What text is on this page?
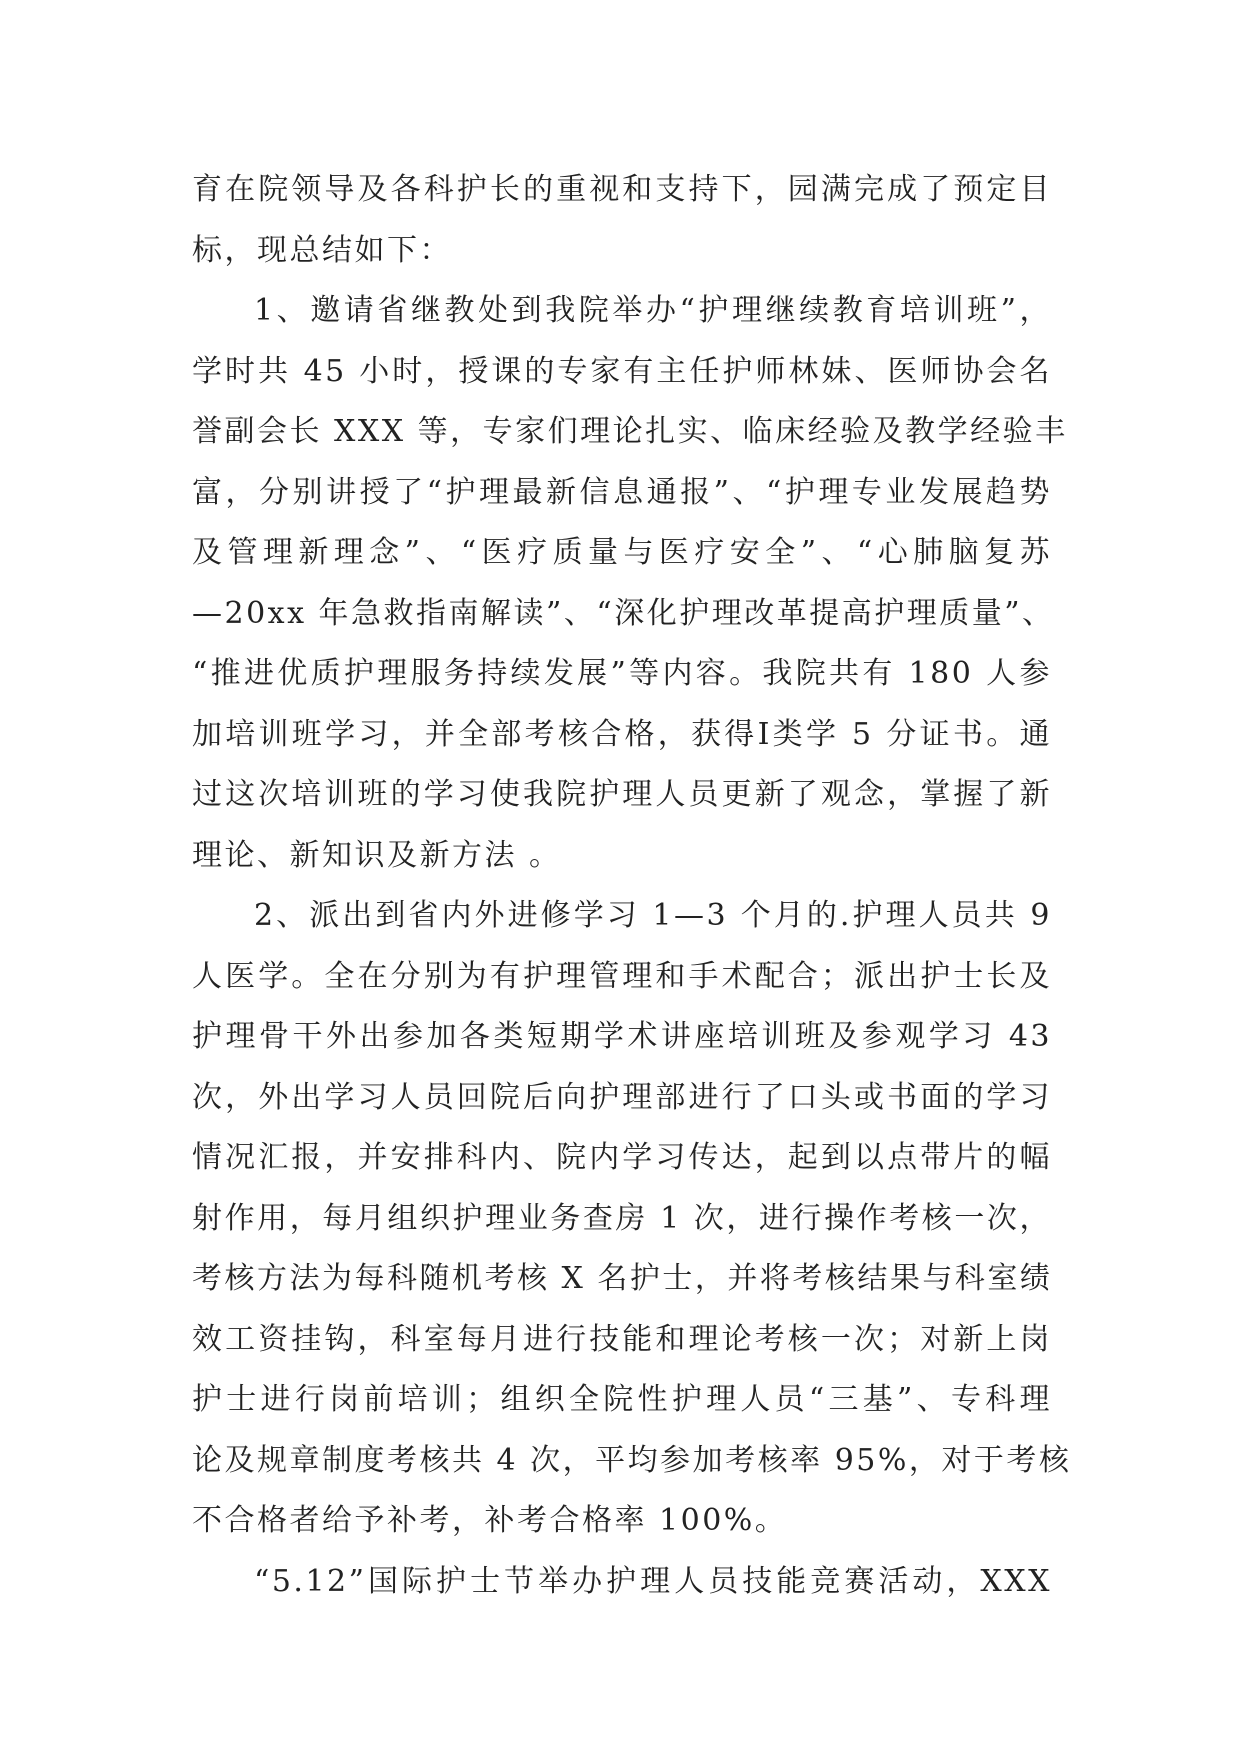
育在院领导及各科护长的重视和支持下，园满完成了预定目
标，现总结如下：
1、邀请省继教处到我院举办“护理继续教育培训班”，
学时共 45 小时，授课的专家有主任护师林妹、医师协会名
誉副会长 XXX 等，专家们理论扎实、临床经验及教学经验丰
富，分别讲授了“护理最新信息通报”、“护理专业发展趋势
及管理新理念”、“医疗质量与医疗安全”、“心肺脑复苏
—20xx 年急救指南解读”、“深化护理改革提高护理质量”、
“推进优质护理服务持续发展”等内容。我院共有 180 人参
加培训班学习，并全部考核合格，获得Ⅰ类学 5 分证书。通
过这次培训班的学习使我院护理人员更新了观念，掌握了新
理论、新知识及新方法 。
2、派出到省内外进修学习 1—3 个月的.护理人员共 9
人医学。全在分别为有护理管理和手术配合；派出护士长及
护理骨干外出参加各类短期学术讲座培训班及参观学习 43
次，外出学习人员回院后向护理部进行了口头或书面的学习
情况汇报，并安排科内、院内学习传达，起到以点带片的幅
射作用，每月组织护理业务查房 1 次，进行操作考核一次，
考核方法为每科随机考核 X 名护士，并将考核结果与科室绩
效工资挂钩，科室每月进行技能和理论考核一次；对新上岗
护士进行岗前培训；组织全院性护理人员“三基”、专科理
论及规章制度考核共 4 次，平均参加考核率 95%，对于考核
不合格者给予补考，补考合格率 100%。
“5.12”国际护士节举办护理人员技能竞赛活动，XXX
